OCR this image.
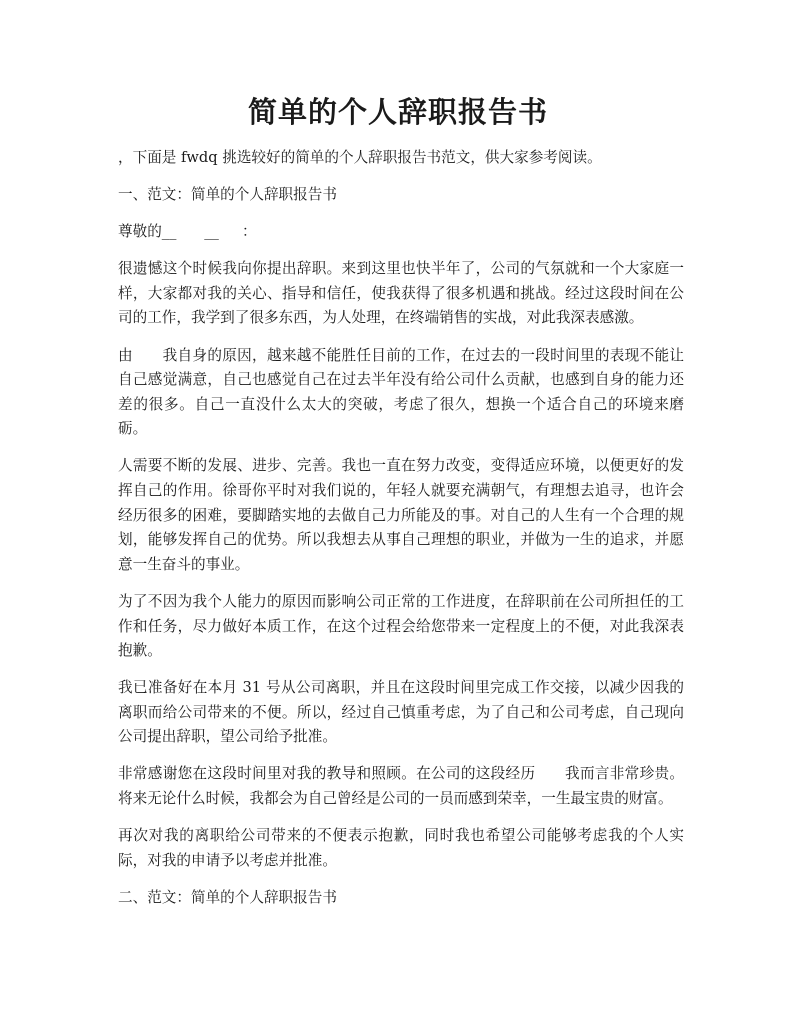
简单的个人辞职报告书

，下面是 fwdq 挑选较好的简单的个人辞职报告书范文，供大家参考阅读。

一、范文：简单的个人辞职报告书

尊敬的__      __     ：

很遗憾这个时候我向你提出辞职。来到这里也快半年了，公司的气氛就和一个大家庭一样，大家都对我的关心、指导和信任，使我获得了很多机遇和挑战。经过这段时间在公司的工作，我学到了很多东西，为人处理，在终端销售的实战，对此我深表感激。

由      我自身的原因，越来越不能胜任目前的工作，在过去的一段时间里的表现不能让自己感觉满意，自己也感觉自己在过去半年没有给公司什么贡献，也感到自身的能力还差的很多。自己一直没什么太大的突破，考虑了很久，想换一个适合自己的环境来磨砺。

人需要不断的发展、进步、完善。我也一直在努力改变，变得适应环境，以便更好的发挥自己的作用。徐哥你平时对我们说的，年轻人就要充满朝气，有理想去追寻，也许会经历很多的困难，要脚踏实地的去做自己力所能及的事。对自己的人生有一个合理的规划，能够发挥自己的优势。所以我想去从事自己理想的职业，并做为一生的追求，并愿意一生奋斗的事业。

为了不因为我个人能力的原因而影响公司正常的工作进度，在辞职前在公司所担任的工作和任务，尽力做好本质工作，在这个过程会给您带来一定程度上的不便，对此我深表抱歉。

我已准备好在本月 31 号从公司离职，并且在这段时间里完成工作交接，以减少因我的离职而给公司带来的不便。所以，经过自己慎重考虑，为了自己和公司考虑，自己现向公司提出辞职，望公司给予批准。

非常感谢您在这段时间里对我的教导和照顾。在公司的这段经历      我而言非常珍贵。将来无论什么时候，我都会为自己曾经是公司的一员而感到荣幸，一生最宝贵的财富。

再次对我的离职给公司带来的不便表示抱歉，同时我也希望公司能够考虑我的个人实际，对我的申请予以考虑并批准。

二、范文：简单的个人辞职报告书
